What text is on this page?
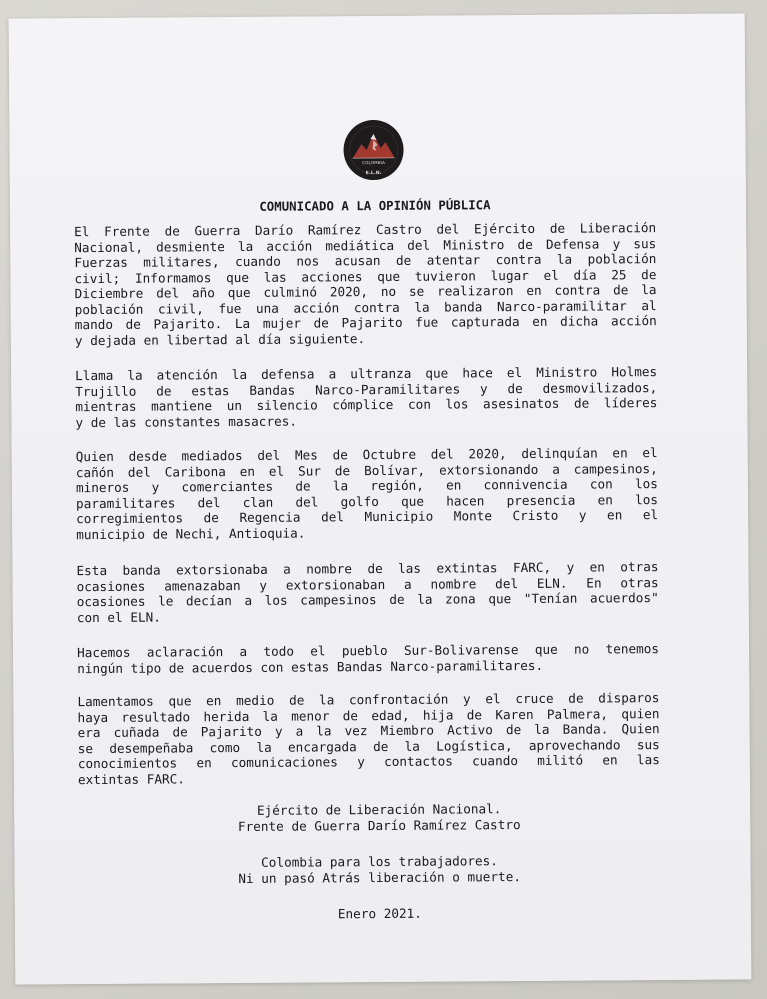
COLOMBIA
E.L.N.
COMUNICADO A LA OPINIÓN PÚBLICA

El Frente de Guerra Darío Ramírez Castro del Ejército de Liberación
Nacional, desmiente la acción mediática del Ministro de Defensa y sus
Fuerzas militares, cuando nos acusan de atentar contra la población
civil; Informamos que las acciones que tuvieron lugar el día 25 de
Diciembre del año que culminó 2020, no se realizaron en contra de la
población civil, fue una acción contra la banda Narco-paramilitar al
mando de Pajarito. La mujer de Pajarito fue capturada en dicha acción
y dejada en libertad al día siguiente.

Llama la atención la defensa a ultranza que hace el Ministro Holmes
Trujillo de estas Bandas Narco-Paramilitares y de desmovilizados,
mientras mantiene un silencio cómplice con los asesinatos de líderes
y de las constantes masacres.

Quien desde mediados del Mes de Octubre del 2020, delinquían en el
cañón del Caribona en el Sur de Bolívar, extorsionando a campesinos,
mineros y comerciantes de la región, en connivencia con los
paramilitares del clan del golfo que hacen presencia en los
corregimientos de Regencia del Municipio Monte Cristo y en el
municipio de Nechi, Antioquia.

Esta banda extorsionaba a nombre de las extintas FARC, y en otras
ocasiones amenazaban y extorsionaban a nombre del ELN. En otras
ocasiones le decían a los campesinos de la zona que "Tenían acuerdos"
con el ELN.

Hacemos aclaración a todo el pueblo Sur-Bolivarense que no tenemos
ningún tipo de acuerdos con estas Bandas Narco-paramilitares.

Lamentamos que en medio de la confrontación y el cruce de disparos
haya resultado herida la menor de edad, hija de Karen Palmera, quien
era cuñada de Pajarito y a la vez Miembro Activo de la Banda. Quien
se desempeñaba como la encargada de la Logística, aprovechando sus
conocimientos en comunicaciones y contactos cuando militó en las
extintas FARC.

Ejército de Liberación Nacional.
Frente de Guerra Darío Ramírez Castro
Colombia para los trabajadores.
Ni un pasó Atrás liberación o muerte.
Enero 2021.
